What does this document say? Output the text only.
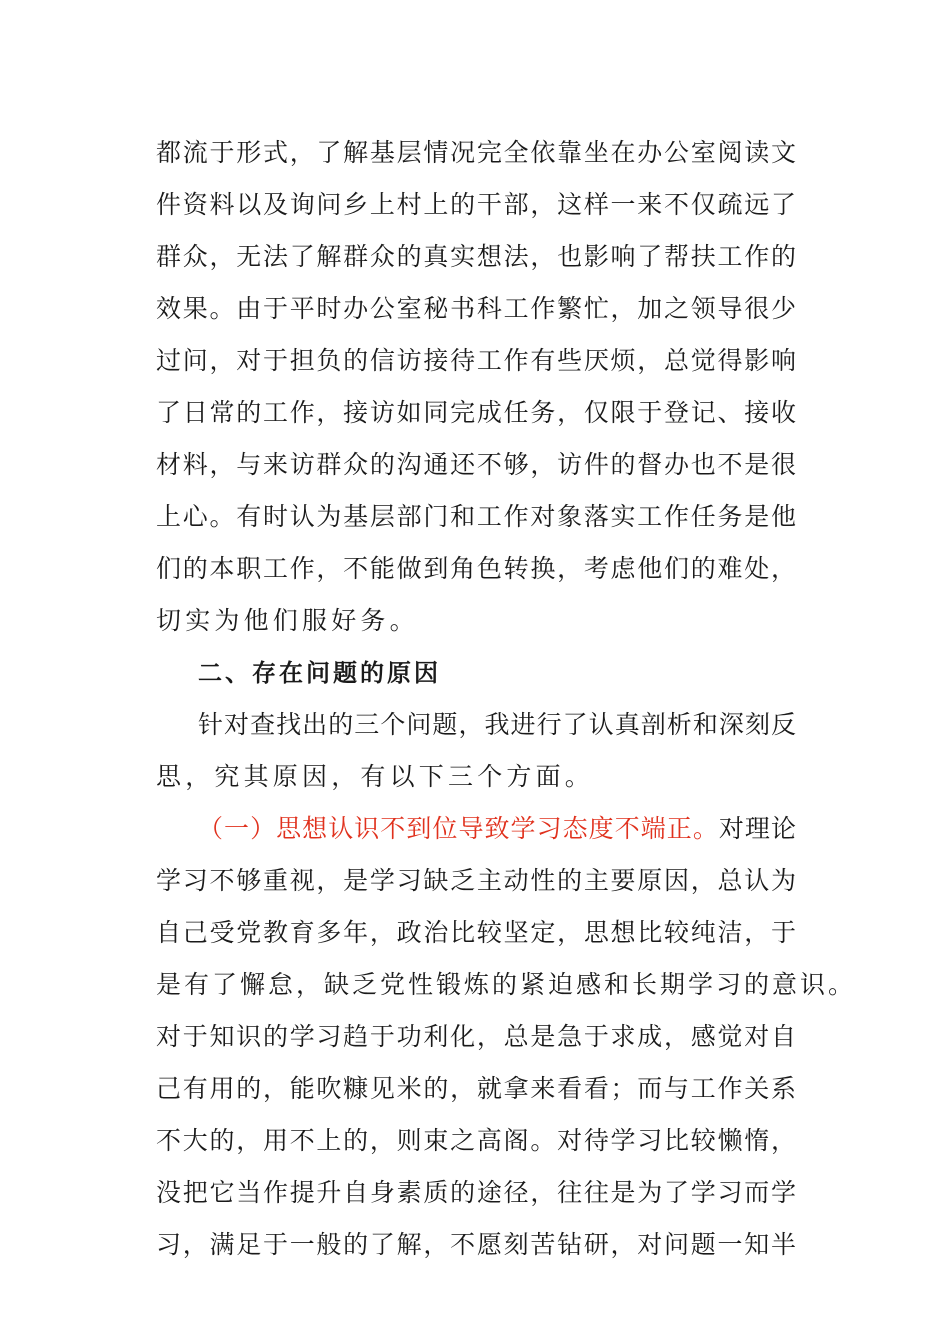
都流于形式，了解基层情况完全依靠坐在办公室阅读文
件资料以及询问乡上村上的干部，这样一来不仅疏远了
群众，无法了解群众的真实想法，也影响了帮扶工作的
效果。由于平时办公室秘书科工作繁忙，加之领导很少
过问，对于担负的信访接待工作有些厌烦，总觉得影响
了日常的工作，接访如同完成任务，仅限于登记、接收
材料，与来访群众的沟通还不够，访件的督办也不是很
上心。有时认为基层部门和工作对象落实工作任务是他
们的本职工作，不能做到角色转换，考虑他们的难处，
切实为他们服好务。
二、存在问题的原因
针对查找出的三个问题，我进行了认真剖析和深刻反
思，究其原因，有以下三个方面。
（一）思想认识不到位导致学习态度不端正。对理论
学习不够重视，是学习缺乏主动性的主要原因，总认为
自己受党教育多年，政治比较坚定，思想比较纯洁，于
是有了懈怠，缺乏党性锻炼的紧迫感和长期学习的意识。
对于知识的学习趋于功利化，总是急于求成，感觉对自
己有用的，能吹糠见米的，就拿来看看；而与工作关系
不大的，用不上的，则束之高阁。对待学习比较懒惰，
没把它当作提升自身素质的途径，往往是为了学习而学
习，满足于一般的了解，不愿刻苦钻研，对问题一知半
